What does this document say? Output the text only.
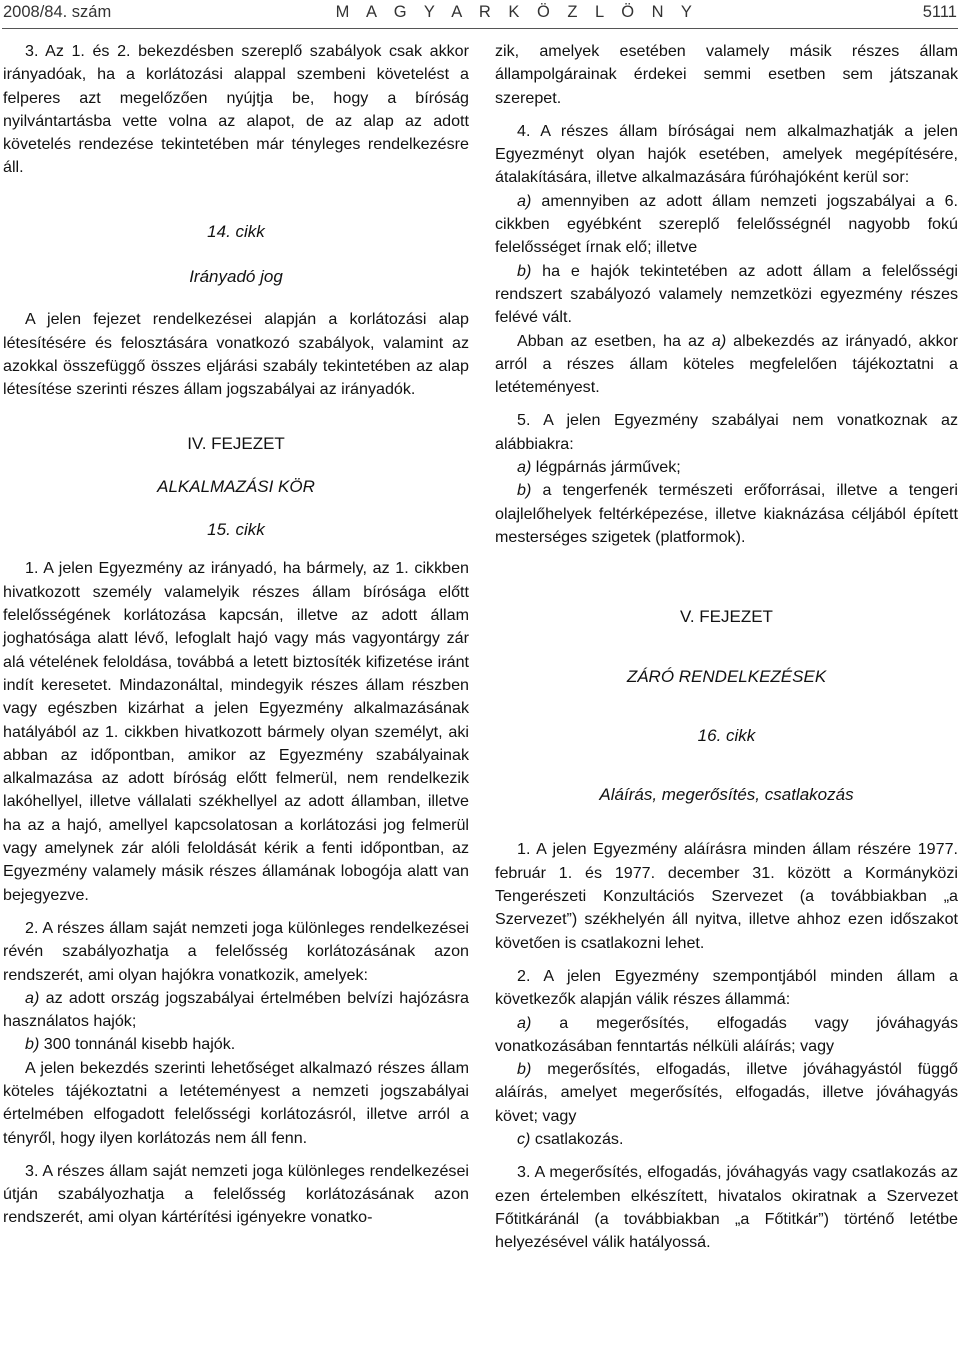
2008/84. szám	M A G Y A R K Ö Z L Ö N Y	5111

3. Az 1. és 2. bekezdésben szereplő szabályok csak akkor irányadóak, ha a korlátozási alappal szembeni követelést a felperes azt megelőzően nyújtja be, hogy a bíróság nyilvántartásba vette volna az alapot, de az alap az adott követelés rendezése tekintetében már tényleges rendelkezésre áll.

14. cikk

Irányadó jog

A jelen fejezet rendelkezései alapján a korlátozási alap létesítésére és felosztására vonatkozó szabályok, valamint az azokkal összefüggő összes eljárási szabály tekintetében az alap létesítése szerinti részes állam jogszabályai az irányadók.

IV. FEJEZET

ALKALMAZÁSI KÖR

15. cikk

1. A jelen Egyezmény az irányadó, ha bármely, az 1. cikkben hivatkozott személy valamelyik részes állam bírósága előtt felelősségének korlátozása kapcsán, illetve az adott állam joghatósága alatt lévő, lefoglalt hajó vagy más vagyontárgy zár alá vételének feloldása, továbbá a letett biztosíték kifizetése iránt indít keresetet. Mindazonáltal, mindegyik részes állam részben vagy egészben kizárhat a jelen Egyezmény alkalmazásának hatályából az 1. cikkben hivatkozott bármely olyan személyt, aki abban az időpontban, amikor az Egyezmény szabályainak alkalmazása az adott bíróság előtt felmerül, nem rendelkezik lakóhellyel, illetve vállalati székhellyel az adott államban, illetve ha az a hajó, amellyel kapcsolatosan a korlátozási jog felmerül vagy amelynek zár alóli feloldását kérik a fenti időpontban, az Egyezmény valamely másik részes államának lobogója alatt van bejegyezve.

2. A részes állam saját nemzeti joga különleges rendelkezései révén szabályozhatja a felelősség korlátozásának azon rendszerét, ami olyan hajókra vonatkozik, amelyek:

a) az adott ország jogszabályai értelmében belvízi hajózásra használatos hajók;

b) 300 tonnánál kisebb hajók.

A jelen bekezdés szerinti lehetőséget alkalmazó részes állam köteles tájékoztatni a letéteményest a nemzeti jogszabályai értelmében elfogadott felelősségi korlátozásról, illetve arról a tényről, hogy ilyen korlátozás nem áll fenn.

3. A részes állam saját nemzeti joga különleges rendelkezései útján szabályozhatja a felelősség korlátozásának azon rendszerét, ami olyan kártérítési igényekre vonatko-

zik, amelyek esetében valamely másik részes állam állampolgárainak érdekei semmi esetben sem játszanak szerepet.

4. A részes állam bíróságai nem alkalmazhatják a jelen Egyezményt olyan hajók esetében, amelyek megépítésére, átalakítására, illetve alkalmazására fúróhajóként kerül sor:

a) amennyiben az adott állam nemzeti jogszabályai a 6. cikkben egyébként szereplő felelősségnél nagyobb fokú felelősséget írnak elő; illetve

b) ha e hajók tekintetében az adott állam a felelősségi rendszert szabályozó valamely nemzetközi egyezmény részes felévé vált.

Abban az esetben, ha az a) albekezdés az irányadó, akkor arról a részes állam köteles megfelelően tájékoztatni a letéteményest.

5. A jelen Egyezmény szabályai nem vonatkoznak az alábbiakra:

a) légpárnás járművek;

b) a tengerfenék természeti erőforrásai, illetve a tengeri olajlelőhelyek feltérképezése, illetve kiaknázása céljából épített mesterséges szigetek (platformok).

V. FEJEZET

ZÁRÓ RENDELKEZÉSEK

16. cikk

Aláírás, megerősítés, csatlakozás

1. A jelen Egyezmény aláírásra minden állam részére 1977. február 1. és 1977. december 31. között a Kormányközi Tengerészeti Konzultációs Szervezet (a továbbiakban „a Szervezet”) székhelyén áll nyitva, illetve ahhoz ezen időszakot követően is csatlakozni lehet.

2. A jelen Egyezmény szempontjából minden állam a következők alapján válik részes állammá:

a) a megerősítés, elfogadás vagy jóváhagyás vonatkozásában fenntartás nélküli aláírás; vagy

b) megerősítés, elfogadás, illetve jóváhagyástól függő aláírás, amelyet megerősítés, elfogadás, illetve jóváhagyás követ; vagy

c) csatlakozás.

3. A megerősítés, elfogadás, jóváhagyás vagy csatlakozás az ezen értelemben elkészített, hivatalos okiratnak a Szervezet Főtitkáránál (a továbbiakban „a Főtitkár”) történő letétbe helyezésével válik hatályossá.
